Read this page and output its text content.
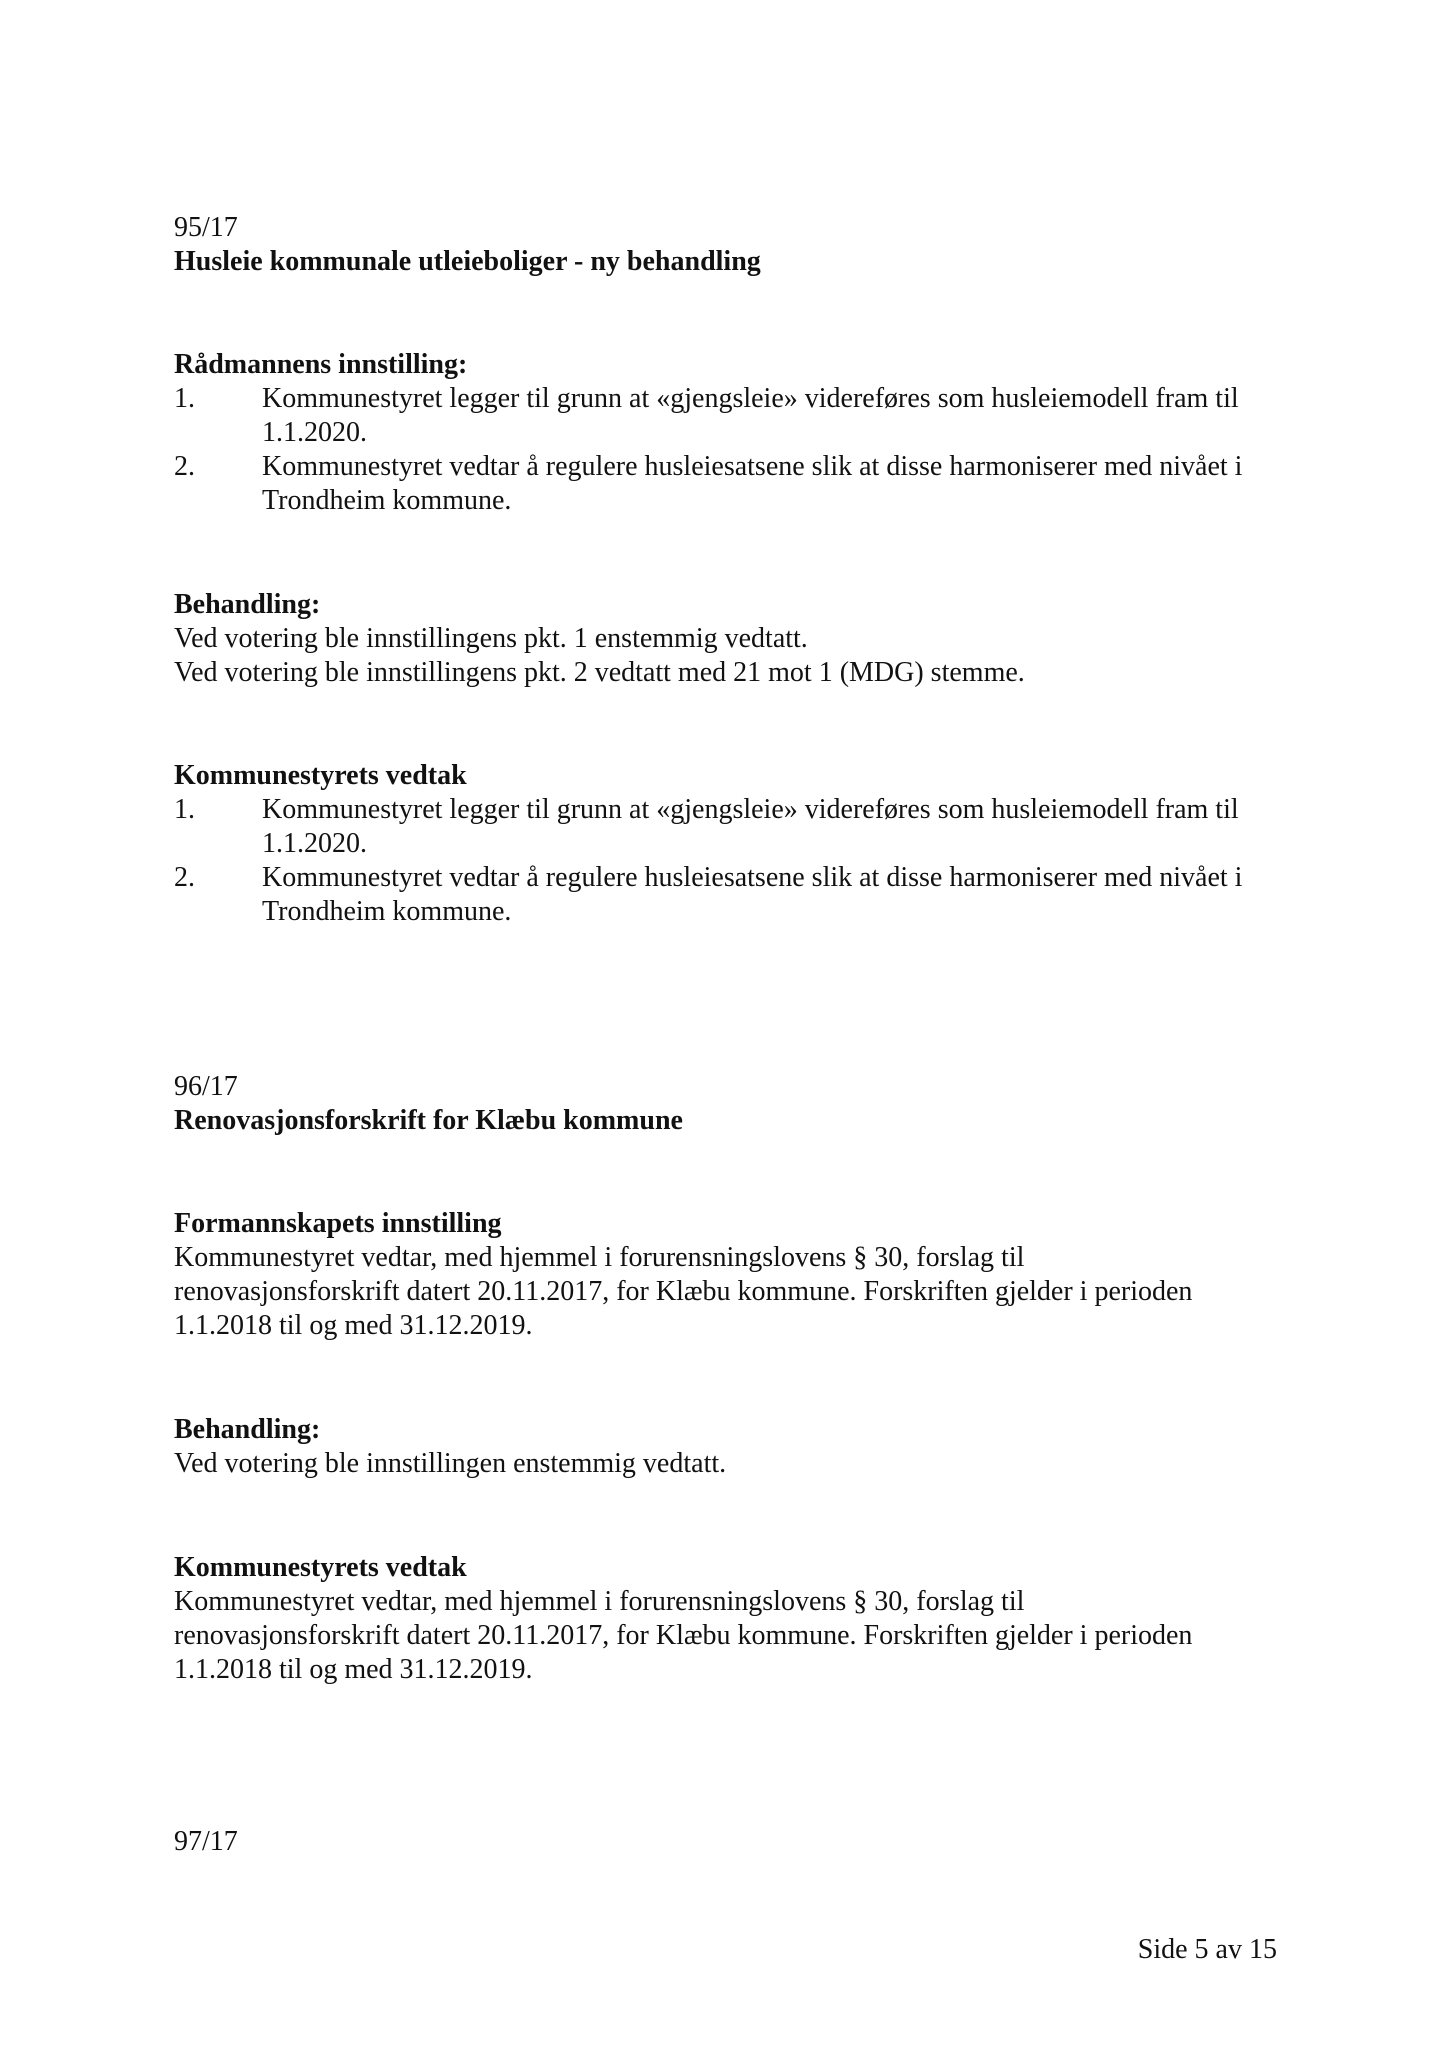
95/17
Husleie kommunale utleieboliger - ny behandling
Rådmannens innstilling:
1. Kommunestyret legger til grunn at «gjengsleie» videreføres som husleiemodell fram til
1.1.2020.
2. Kommunestyret vedtar å regulere husleiesatsene slik at disse harmoniserer med nivået i
Trondheim kommune.
Behandling:
Ved votering ble innstillingens pkt. 1 enstemmig vedtatt.
Ved votering ble innstillingens pkt. 2 vedtatt med 21 mot 1 (MDG) stemme.
Kommunestyrets vedtak
1. Kommunestyret legger til grunn at «gjengsleie» videreføres som husleiemodell fram til
1.1.2020.
2. Kommunestyret vedtar å regulere husleiesatsene slik at disse harmoniserer med nivået i
Trondheim kommune.
96/17
Renovasjonsforskrift for Klæbu kommune
Formannskapets innstilling
Kommunestyret vedtar, med hjemmel i forurensningslovens § 30, forslag til
renovasjonsforskrift datert 20.11.2017, for Klæbu kommune. Forskriften gjelder i perioden
1.1.2018 til og med 31.12.2019.
Behandling:
Ved votering ble innstillingen enstemmig vedtatt.
Kommunestyrets vedtak
Kommunestyret vedtar, med hjemmel i forurensningslovens § 30, forslag til
renovasjonsforskrift datert 20.11.2017, for Klæbu kommune. Forskriften gjelder i perioden
1.1.2018 til og med 31.12.2019.
97/17
Side 5 av 15
